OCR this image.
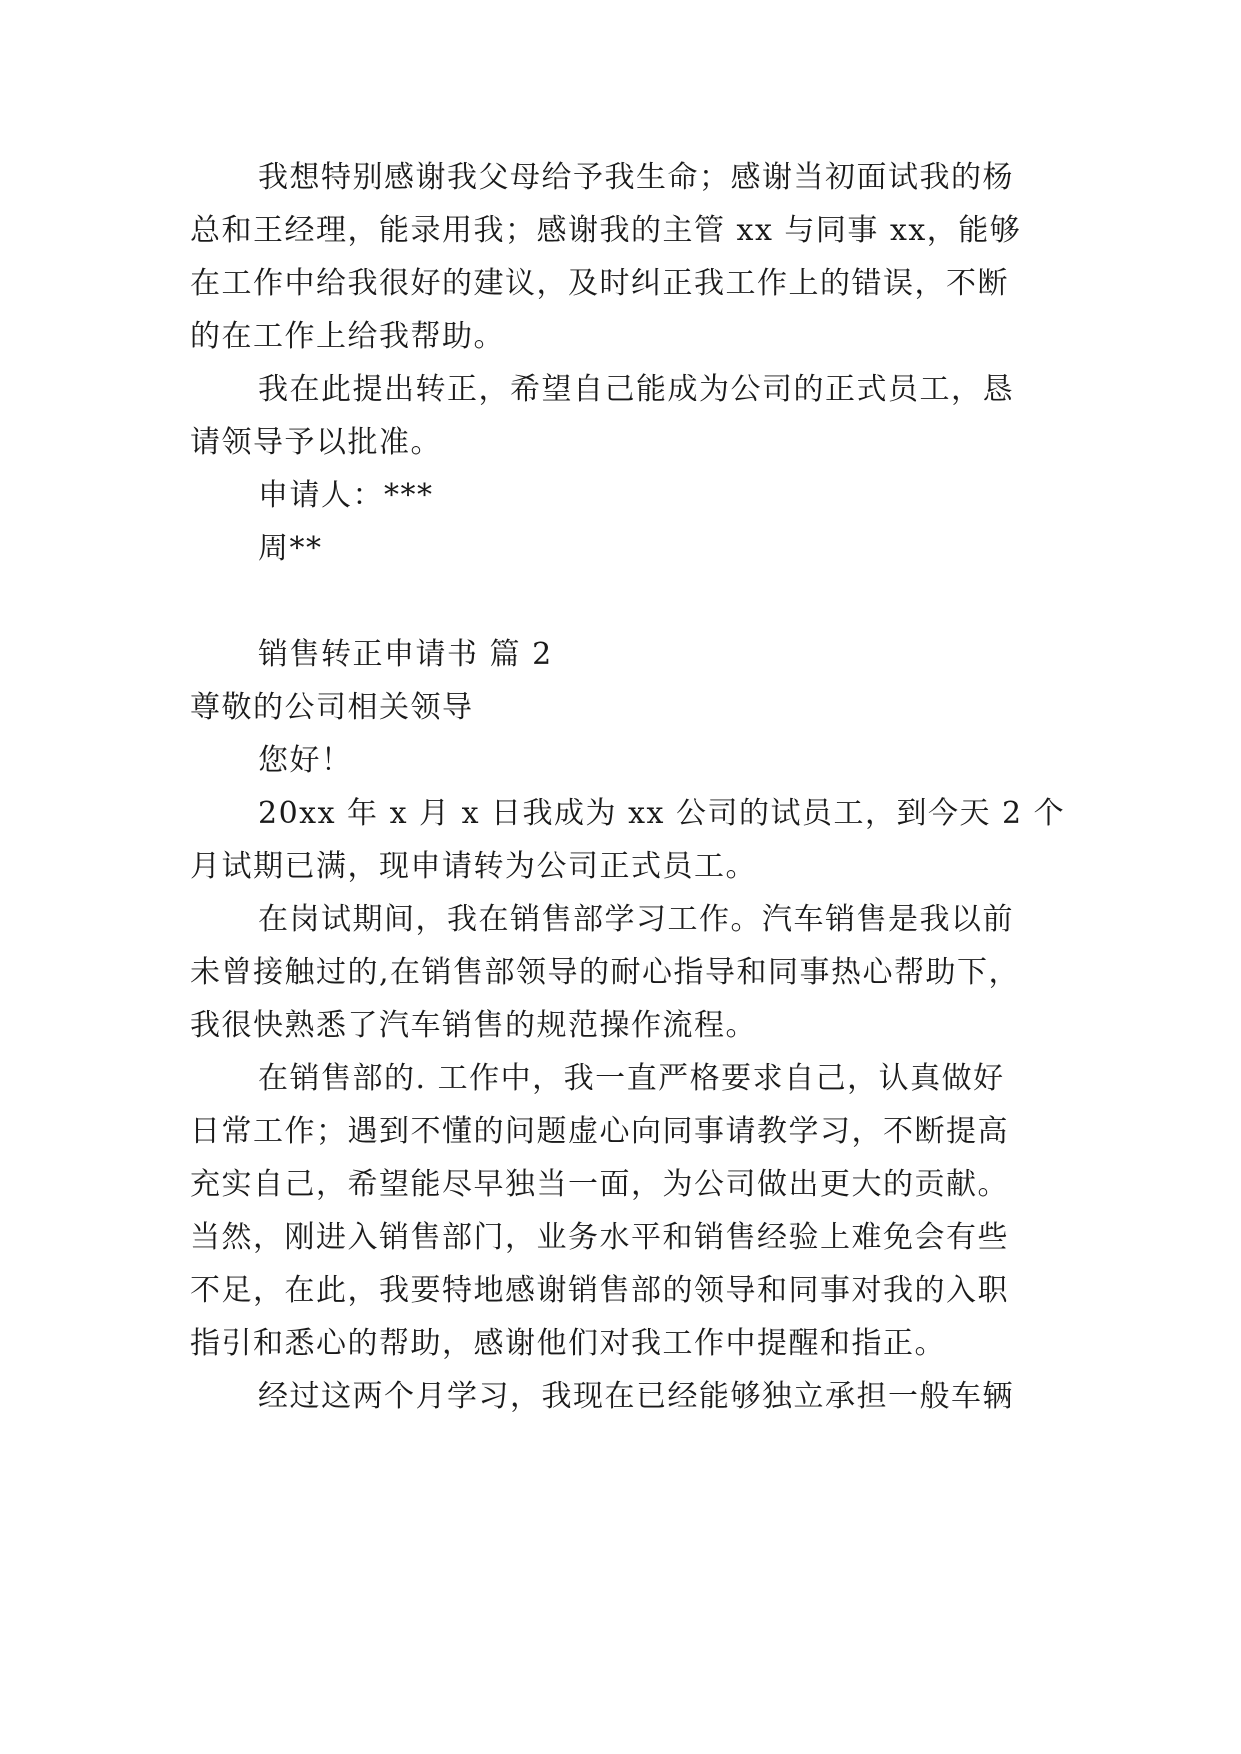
我想特别感谢我父母给予我生命；感谢当初面试我的杨
总和王经理，能录用我；感谢我的主管 xx 与同事 xx，能够
在工作中给我很好的建议，及时纠正我工作上的错误，不断
的在工作上给我帮助。
我在此提出转正，希望自己能成为公司的正式员工，恳
请领导予以批准。
申请人：***
周**
销售转正申请书 篇 2
尊敬的公司相关领导
您好！
20xx 年 x 月 x 日我成为 xx 公司的试员工，到今天 2 个
月试期已满，现申请转为公司正式员工。
在岗试期间，我在销售部学习工作。汽车销售是我以前
未曾接触过的,在销售部领导的耐心指导和同事热心帮助下，
我很快熟悉了汽车销售的规范操作流程。
在销售部的. 工作中，我一直严格要求自己，认真做好
日常工作；遇到不懂的问题虚心向同事请教学习，不断提高
充实自己，希望能尽早独当一面，为公司做出更大的贡献。
当然，刚进入销售部门，业务水平和销售经验上难免会有些
不足，在此，我要特地感谢销售部的领导和同事对我的入职
指引和悉心的帮助，感谢他们对我工作中提醒和指正。
经过这两个月学习，我现在已经能够独立承担一般车辆
